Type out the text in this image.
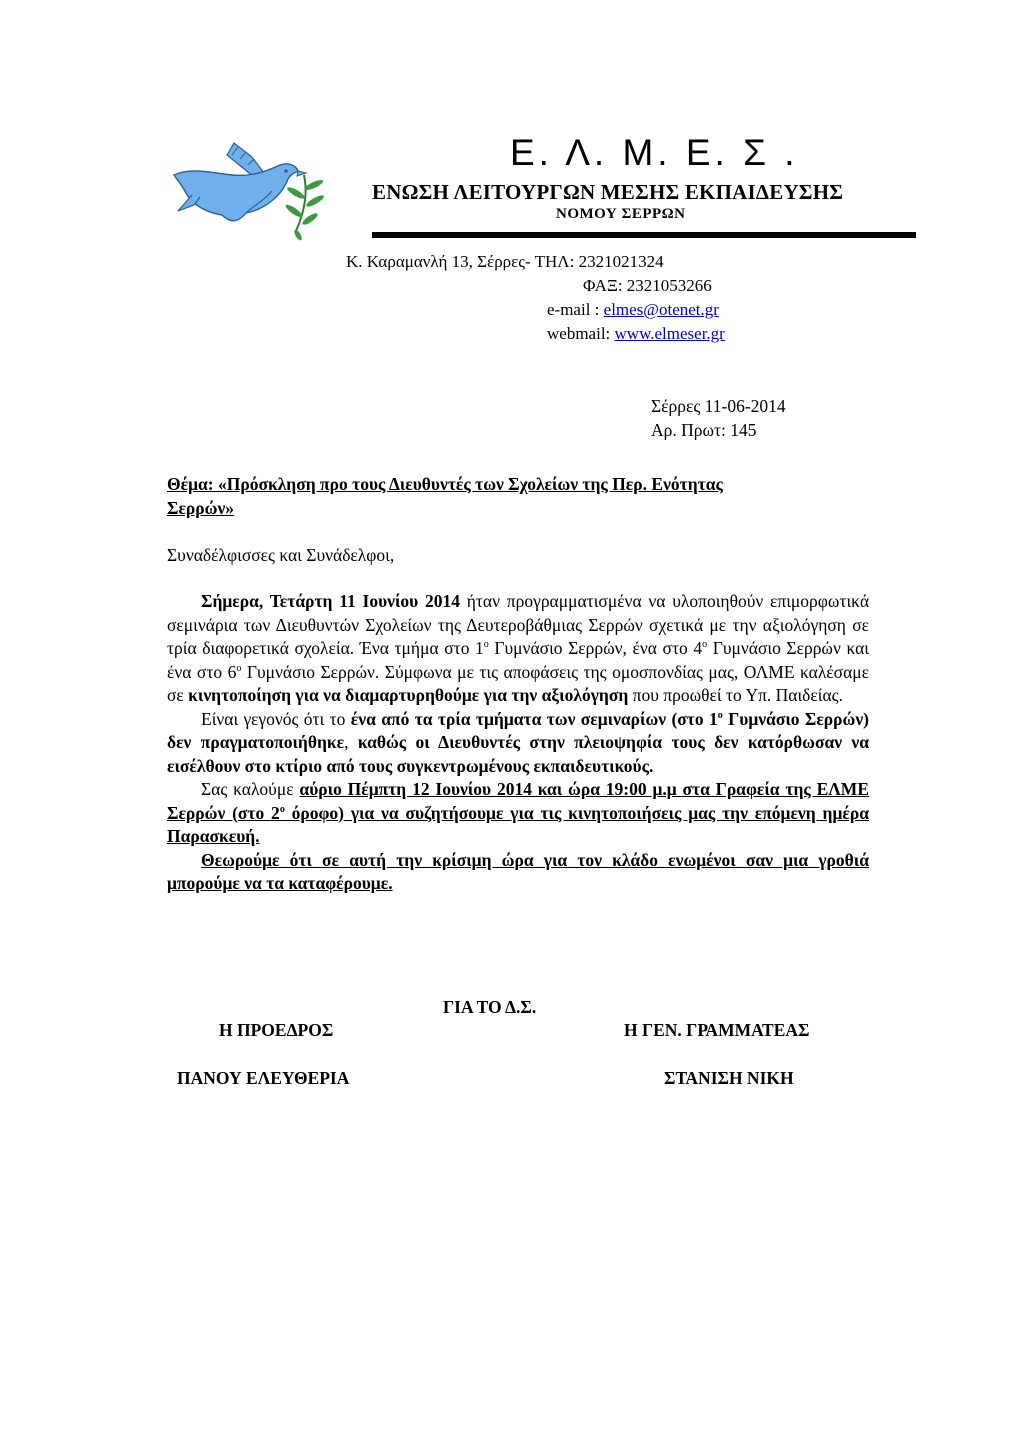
Ε. Λ. Μ. Ε. Σ .
ΕΝΩΣΗ ΛΕΙΤΟΥΡΓΩΝ ΜΕΣΗΣ ΕΚΠΑΙΔΕΥΣΗΣ
ΝΟΜΟΥ ΣΕΡΡΩΝ
Κ. Καραμανλή 13, Σέρρες- ΤΗΛ: 2321021324
ΦΑΞ: 2321053266
e-mail : elmes@otenet.gr
webmail: www.elmeser.gr
Σέρρες 11-06-2014
Αρ. Πρωτ: 145
Θέμα: «Πρόσκληση προ τους Διευθυντές των Σχολείων της Περ. Ενότητας
Σερρών»
Συναδέλφισσες και Συνάδελφοι,

Σήμερα, Τετάρτη 11 Ιουνίου 2014 ήταν προγραμματισμένα να υλοποιηθούν επιμορφωτικά σεμινάρια των Διευθυντών Σχολείων της Δευτεροβάθμιας Σερρών σχετικά με την αξιολόγηση σε τρία διαφορετικά σχολεία. Ένα τμήμα στο $1^o$ Γυμνάσιο Σερρών, ένα στο $4^o$ Γυμνάσιο Σερρών και ένα στο $6^o$ Γυμνάσιο Σερρών. Σύμφωνα με τις αποφάσεις της ομοσπονδίας μας, ΟΛΜΕ καλέσαμε σε κινητοποίηση για να διαμαρτυρηθούμε για την αξιολόγηση που προωθεί το Υπ. Παιδείας.

Είναι γεγονός ότι το ένα από τα τρία τμήματα των σεμιναρίων (στο $1^o$ Γυμνάσιο Σερρών) δεν πραγματοποιήθηκε, καθώς οι Διευθυντές στην πλειοψηφία τους δεν κατόρθωσαν να εισέλθουν στο κτίριο από τους συγκεντρωμένους εκπαιδευτικούς.

Σας καλούμε αύριο Πέμπτη 12 Ιουνίου 2014 και ώρα 19:00 μ.μ στα Γραφεία της ΕΛΜΕ Σερρών (στο $2^o$ όροφο) για να συζητήσουμε για τις κινητοποιήσεις μας την επόμενη ημέρα Παρασκευή.

Θεωρούμε ότι σε αυτή την κρίσιμη ώρα για τον κλάδο ενωμένοι σαν μια γροθιά μπορούμε να τα καταφέρουμε.

ΓΙΑ ΤΟ Δ.Σ.
Η ΠΡΟΕΔΡΟΣ	Η ΓΕΝ. ΓΡΑΜΜΑΤΕΑΣ
ΠΑΝΟΥ ΕΛΕΥΘΕΡΙΑ	ΣΤΑΝΙΣΗ ΝΙΚΗ
